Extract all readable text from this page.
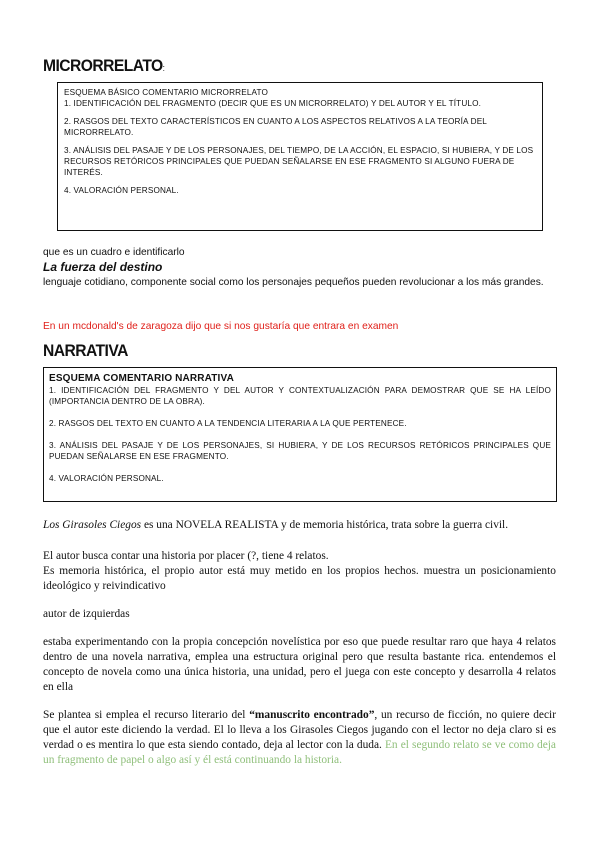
MICRORRELATO:

ESQUEMA BÁSICO COMENTARIO MICRORRELATO

1. IDENTIFICACIÓN DEL FRAGMENTO (DECIR QUE ES UN MICRORRELATO) Y DEL AUTOR Y EL TÍTULO.

2. RASGOS DEL TEXTO CARACTERÍSTICOS EN CUANTO A LOS ASPECTOS RELATIVOS A LA TEORÍA DEL MICRORRELATO.

3. ANÁLISIS DEL PASAJE Y DE LOS PERSONAJES, DEL TIEMPO, DE LA ACCIÓN, EL ESPACIO, SI HUBIERA, Y DE LOS RECURSOS RETÓRICOS PRINCIPALES QUE PUEDAN SEÑALARSE EN ESE FRAGMENTO SI ALGUNO FUERA DE INTERÉS.

4. VALORACIÓN PERSONAL.

que es un cuadro e identificarlo
La fuerza del destino
lenguaje cotidiano, componente social como los personajes pequeños pueden revolucionar a los más grandes.
En un mcdonald's de zaragoza dijo que si nos gustaría que entrara en examen
NARRATIVA

ESQUEMA COMENTARIO NARRATIVA

1. IDENTIFICACIÓN DEL FRAGMENTO Y DEL AUTOR Y CONTEXTUALIZACIÓN PARA DEMOSTRAR QUE SE HA LEÍDO (IMPORTANCIA DENTRO DE LA OBRA).

2. RASGOS DEL TEXTO EN CUANTO A LA TENDENCIA LITERARIA A LA QUE PERTENECE.

3. ANÁLISIS DEL PASAJE Y DE LOS PERSONAJES, SI HUBIERA, Y DE LOS RECURSOS RETÓRICOS PRINCIPALES QUE PUEDAN SEÑALARSE EN ESE FRAGMENTO.

4. VALORACIÓN PERSONAL.

Los Girasoles Ciegos es una NOVELA REALISTA y de memoria histórica, trata sobre la guerra civil.
El autor busca contar una historia por placer (?, tiene 4 relatos.
Es memoria histórica, el propio autor está muy metido en los propios hechos. muestra un posicionamiento ideológico y reivindicativo
autor de izquierdas
estaba experimentando con la propia concepción novelística por eso que puede resultar raro que haya 4 relatos dentro de una novela narrativa, emplea una estructura original pero que resulta bastante rica. entendemos el concepto de novela como una única historia, una unidad, pero el juega con este concepto y desarrolla 4 relatos en ella
Se plantea si emplea el recurso literario del “manuscrito encontrado”, un recurso de ficción, no quiere decir que el autor este diciendo la verdad. El lo lleva a los Girasoles Ciegos jugando con el lector no deja claro si es verdad o es mentira lo que esta siendo contado, deja al lector con la duda. En el segundo relato se ve como deja un fragmento de papel o algo así y él está continuando la historia.
